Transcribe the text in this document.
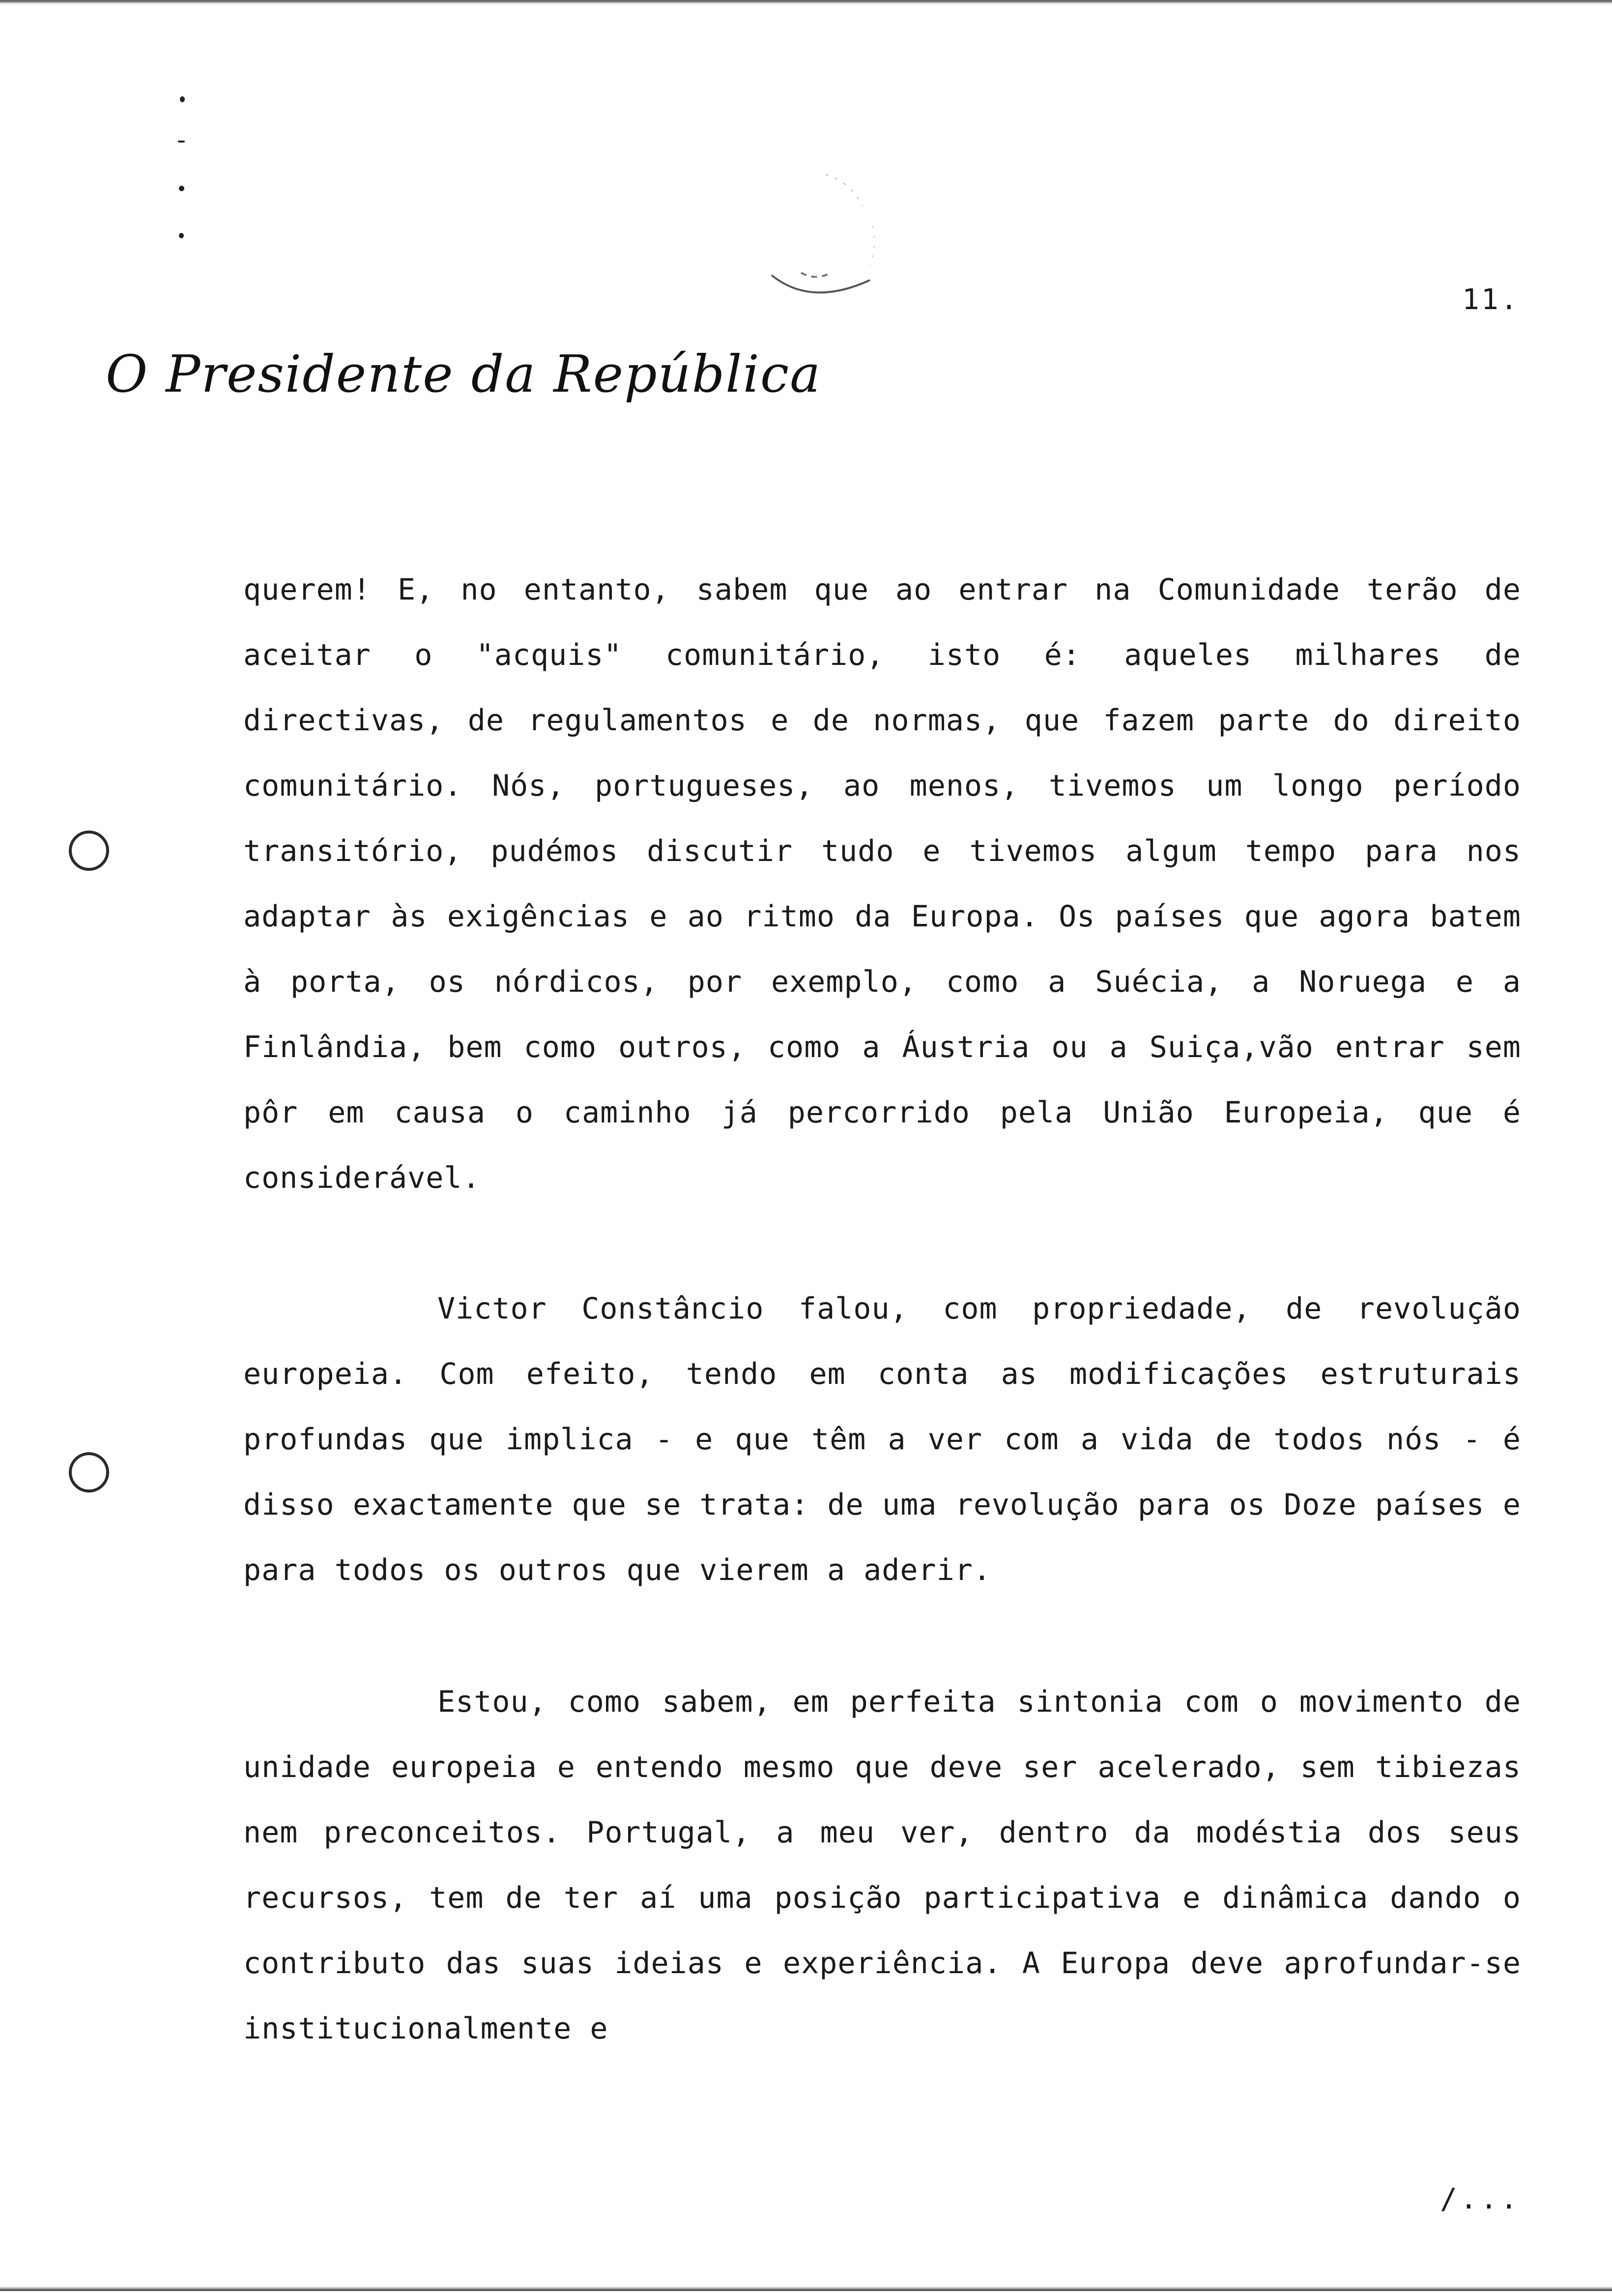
11.

O Presidente da República

querem! E, no entanto, sabem que ao entrar na Comunidade terão de aceitar o "acquis" comunitário, isto é: aqueles milhares de directivas, de regulamentos e de normas, que fazem parte do direito comunitário. Nós, portugueses, ao menos, tivemos um longo período transitório, pudémos discutir tudo e tivemos algum tempo para nos adaptar às exigências e ao ritmo da Europa. Os países que agora batem à porta, os nórdicos, por exemplo, como a Suécia, a Noruega e a Finlândia, bem como outros, como a Áustria ou a Suiça,vão entrar sem pôr em causa o caminho já percorrido pela União Europeia, que é considerável.

Victor Constâncio falou, com propriedade, de revolução europeia. Com efeito, tendo em conta as modificações estruturais profundas que implica - e que têm a ver com a vida de todos nós - é disso exactamente que se trata: de uma revolução para os Doze países e para todos os outros que vierem a aderir.

Estou, como sabem, em perfeita sintonia com o movimento de unidade europeia e entendo mesmo que deve ser acelerado, sem tibiezas nem preconceitos. Portugal, a meu ver, dentro da modéstia dos seus recursos, tem de ter aí uma posição participativa e dinâmica dando o contributo das suas ideias e experiência. A Europa deve aprofundar-se institucionalmente e

/...
